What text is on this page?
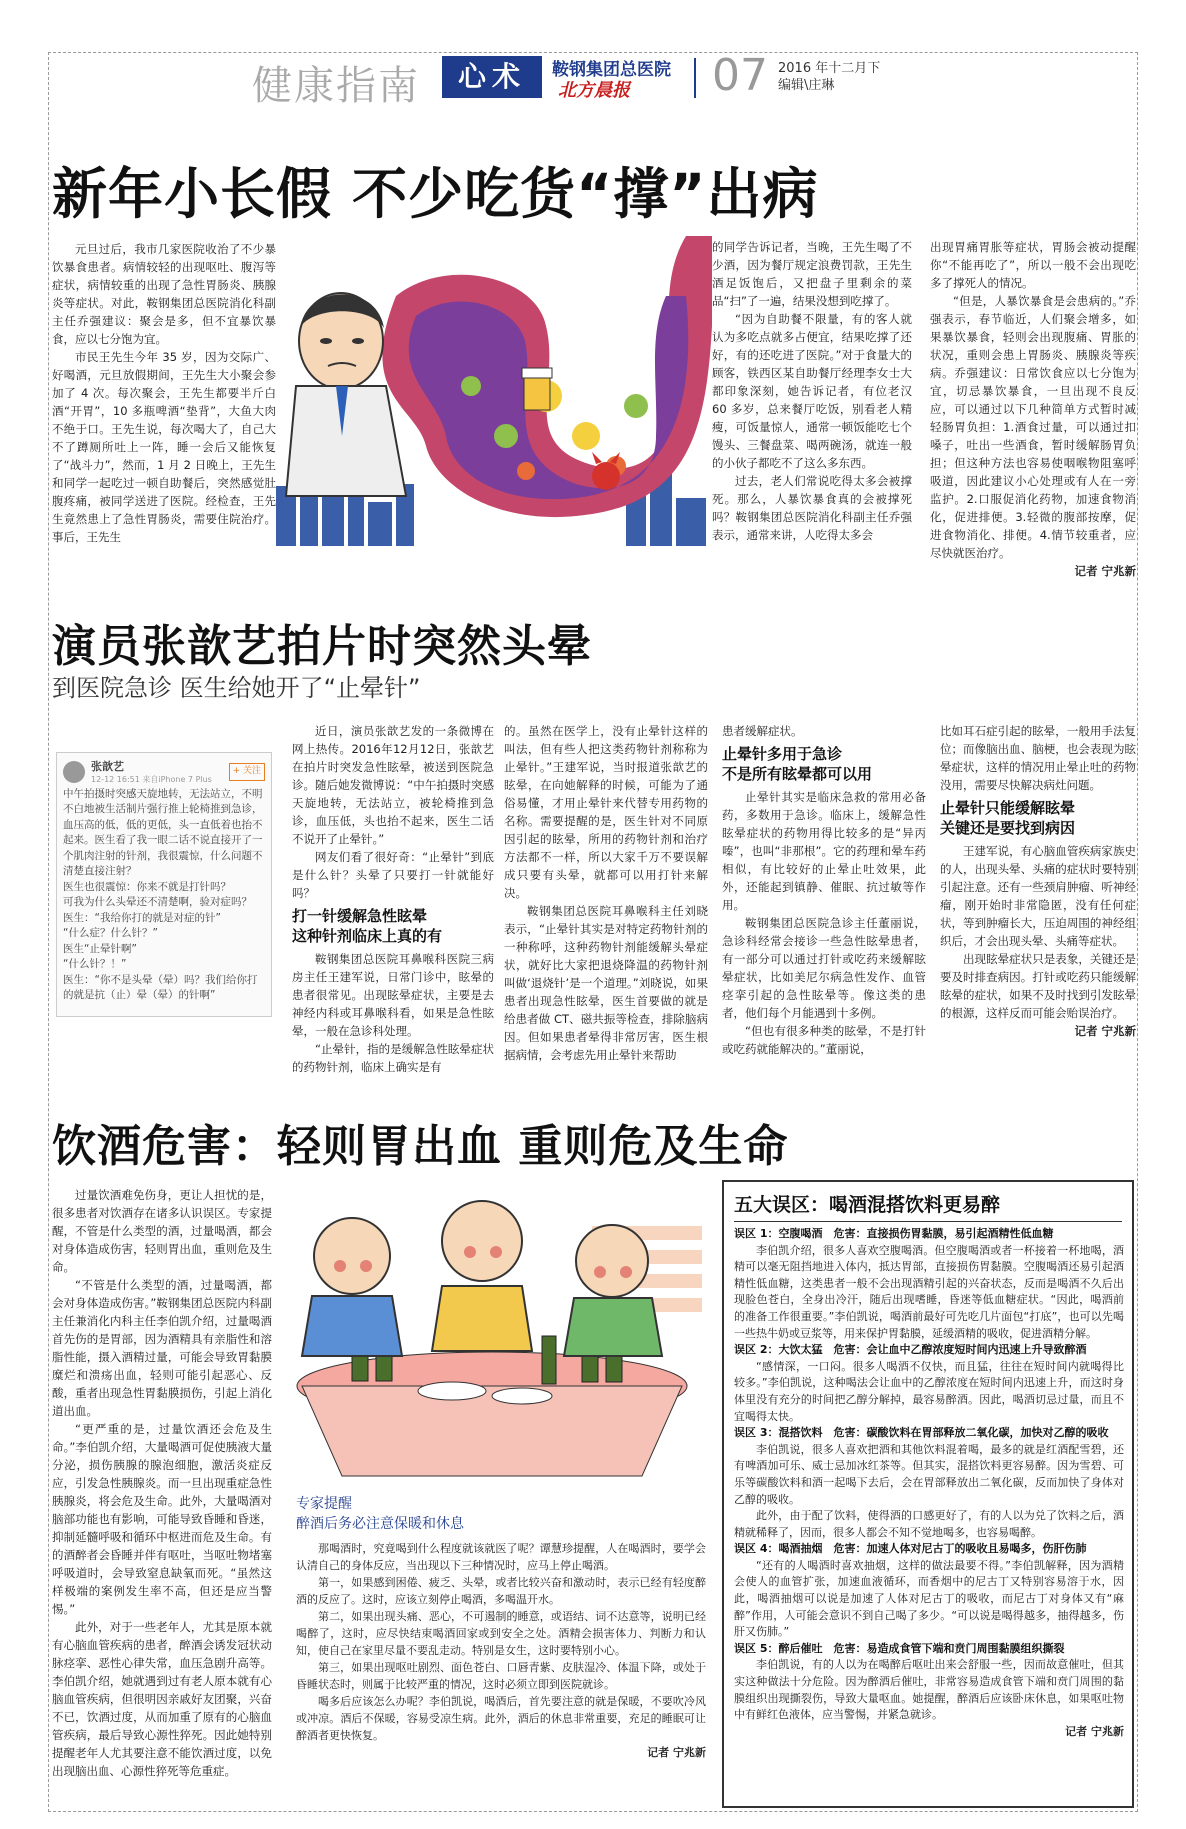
健康指南	心术	鞍钢集团总医院
北方晨报 07 2016 年十二月下
编辑\庄琳
新年小长假 不少吃货“撑”出病

元旦过后，我市几家医院收治了不少暴饮暴食患者。病情较轻的出现呕吐、腹泻等症状，病情较重的出现了急性胃肠炎、胰腺炎等症状。对此，鞍钢集团总医院消化科副主任乔强建议：聚会是多，但不宜暴饮暴食，应以七分饱为宜。

市民王先生今年 35 岁，因为交际广、好喝酒，元旦放假期间，王先生大小聚会参加了 4 次。每次聚会，王先生都要半斤白酒“开胃”，10 多瓶啤酒“垫背”，大鱼大肉不绝于口。王先生说，每次喝大了，自己大不了蹲厕所吐上一阵，睡一会后又能恢复了“战斗力”，然而，1 月 2 日晚上，王先生和同学一起吃过一顿自助餐后，突然感觉肚腹疼痛，被同学送进了医院。经检查，王先生竟然患上了急性胃肠炎，需要住院治疗。事后，王先生

的同学告诉记者，当晚，王先生喝了不少酒，因为餐厅规定浪费罚款，王先生酒足饭饱后，又把盘子里剩余的菜品“扫”了一遍，结果没想到吃撑了。

“因为自助餐不限量，有的客人就认为多吃点就多占便宜，结果吃撑了还好，有的还吃进了医院。”对于食量大的顾客，铁西区某自助餐厅经理李女士大都印象深刻，她告诉记者，有位老汉 60 多岁，总来餐厅吃饭，别看老人精瘦，可饭量惊人，通常一顿饭能吃七个馒头、三餐盘菜、喝两碗汤，就连一般的小伙子都吃不了这么多东西。

过去，老人们常说吃得太多会被撑死。那么，人暴饮暴食真的会被撑死吗？鞍钢集团总医院消化科副主任乔强表示，通常来讲，人吃得太多会

出现胃痛胃胀等症状，胃肠会被动提醒你“不能再吃了”，所以一般不会出现吃多了撑死人的情况。

“但是，人暴饮暴食是会患病的。”乔强表示，春节临近，人们聚会增多，如果暴饮暴食，轻则会出现腹痛、胃胀的状况，重则会患上胃肠炎、胰腺炎等疾病。乔强建议：日常饮食应以七分饱为宜，切忌暴饮暴食，一旦出现不良反应，可以通过以下几种简单方式暂时减轻肠胃负担：1.酒食过量，可以通过扣嗓子，吐出一些酒食，暂时缓解肠胃负担；但这种方法也容易使咽喉物阻塞呼吸道，因此建议小心处理或有人在一旁监护。2.口服促消化药物，加速食物消化，促进排便。3.轻微的腹部按摩，促进食物消化、排便。4.情节较重者，应尽快就医治疗。

记者 宁兆新

演员张歆艺拍片时突然头晕
到医院急诊 医生给她开了“止晕针”
张歆艺
12-12 16:51 来自iPhone 7 Plus
+ 关注
中午拍摄时突感天旋地转，无法站立，不明不白地被生活制片强行推上轮椅推到急诊，血压高的低，低的更低，头一直低着也抬不起来。医生看了我一眼二话不说直接开了一个肌肉注射的针剂，我很震惊，什么问题不清楚直接注射？
医生也很震惊：你来不就是打针吗？
可我为什么头晕还不清楚啊，验对症吗？
医生：“我给你打的就是对症的针”
“什么症？什么针？”
医生“止晕针啊”
“什么针？！”
医生：“你不是头晕（晕）吗？我们给你打的就是抗（止）晕（晕）的针啊”

近日，演员张歆艺发的一条微博在网上热传。2016年12月12日，张歆艺在拍片时突发急性眩晕，被送到医院急诊。随后她发微博说：“中午拍摄时突感天旋地转，无法站立，被轮椅推到急诊，血压低，头也抬不起来，医生二话不说开了止晕针。”

网友们看了很好奇：“止晕针”到底是什么针？头晕了只要打一针就能好吗？

打一针缓解急性眩晕
这种针剂临床上真的有

鞍钢集团总医院耳鼻喉科医院三病房主任王建军说，日常门诊中，眩晕的患者很常见。出现眩晕症状，主要是去神经内科或耳鼻喉科看，如果是急性眩晕，一般在急诊科处理。

“止晕针，指的是缓解急性眩晕症状的药物针剂，临床上确实是有

的。虽然在医学上，没有止晕针这样的叫法，但有些人把这类药物针剂称称为止晕针。”王建军说，当时报道张歆艺的眩晕，在向她解释的时候，可能为了通俗易懂，才用止晕针来代替专用药物的名称。需要提醒的是，医生针对不同原因引起的眩晕，所用的药物针剂和治疗方法都不一样，所以大家千万不要误解成只要有头晕，就都可以用打针来解决。

鞍钢集团总医院耳鼻喉科主任刘晓表示，“止晕针其实是对特定药物针剂的一种称呼，这种药物针剂能缓解头晕症状，就好比大家把退烧降温的药物针剂叫做‘退烧针’是一个道理。”刘晓说，如果患者出现急性眩晕，医生首要做的就是给患者做 CT、磁共振等检查，排除脑病因。但如果患者晕得非常厉害，医生根据病情，会考虑先用止晕针来帮助

患者缓解症状。

止晕针多用于急诊
不是所有眩晕都可以用

止晕针其实是临床急救的常用必备药，多数用于急诊。临床上，缓解急性眩晕症状的药物用得比较多的是“异丙嗪”，也叫“非那根”。它的药理和晕车药相似，有比较好的止晕止吐效果，此外，还能起到镇静、催眠、抗过敏等作用。

鞍钢集团总医院急诊主任董丽说，急诊科经常会接诊一些急性眩晕患者，有一部分可以通过打针或吃药来缓解眩晕症状，比如美尼尔病急性发作、血管痉挛引起的急性眩晕等。像这类的患者，他们每个月能遇到十多例。

“但也有很多种类的眩晕，不是打针或吃药就能解决的。”董丽说，

比如耳石症引起的眩晕，一般用手法复位；而像脑出血、脑梗，也会表现为眩晕症状，这样的情况用止晕止吐的药物没用，需要尽快解决病灶问题。

止晕针只能缓解眩晕
关键还是要找到病因

王建军说，有心脑血管疾病家族史的人，出现头晕、头痛的症状时要特别引起注意。还有一些颈肩肿瘤、听神经瘤，刚开始时非常隐匿，没有任何症状，等到肿瘤长大，压迫周围的神经组织后，才会出现头晕、头痛等症状。

出现眩晕症状只是表象，关键还是要及时排查病因。打针或吃药只能缓解眩晕的症状，如果不及时找到引发眩晕的根源，这样反而可能会贻误治疗。

记者 宁兆新

饮酒危害：轻则胃出血 重则危及生命

过量饮酒难免伤身，更让人担忧的是，很多患者对饮酒存在诸多认识误区。专家提醒，不管是什么类型的酒，过量喝酒，都会对身体造成伤害，轻则胃出血，重则危及生命。

“不管是什么类型的酒，过量喝酒，都会对身体造成伤害。”鞍钢集团总医院内科副主任兼消化内科主任李伯凯介绍，过量喝酒首先伤的是胃部，因为酒精具有亲脂性和溶脂性能，摄入酒精过量，可能会导致胃黏膜糜烂和溃疡出血，轻则可能引起恶心、反酸，重者出现急性胃黏膜损伤，引起上消化道出血。

“更严重的是，过量饮酒还会危及生命。”李伯凯介绍，大量喝酒可促使胰液大量分泌，损伤胰腺的腺泡细胞，激活炎症反应，引发急性胰腺炎。而一旦出现重症急性胰腺炎，将会危及生命。此外，大量喝酒对脑部功能也有影响，可能导致昏睡和昏迷，抑制延髓呼吸和循环中枢进而危及生命。有的酒醉者会昏睡并伴有呕吐，当呕吐物堵塞呼吸道时，会导致窒息缺氧而死。“虽然这样极端的案例发生率不高，但还是应当警惕。”

此外，对于一些老年人，尤其是原本就有心脑血管疾病的患者，醉酒会诱发冠状动脉痉挛、恶性心律失常，血压急剧升高等。李伯凯介绍，她就遇到过有老人原本就有心脑血管疾病，但很明因亲戚好友团聚，兴奋不已，饮酒过度，从而加重了原有的心脑血管疾病，最后导致心源性猝死。因此她特别提醒老年人尤其要注意不能饮酒过度，以免出现脑出血、心源性猝死等危重症。

专家提醒
醉酒后务必注意保暖和休息

那喝酒时，究竟喝到什么程度就该就医了呢？谭慧珍提醒，人在喝酒时，要学会认清自己的身体反应，当出现以下三种情况时，应马上停止喝酒。

第一，如果感到困倦、疲乏、头晕，或者比较兴奋和激动时，表示已经有轻度醉酒的反应了。这时，应该立刻停止喝酒，多喝温开水。

第二，如果出现头痛、恶心，不可遏制的睡意，或语结、词不达意等，说明已经喝醉了，这时，应尽快结束喝酒回家或到安全之处。酒精会损害体力、判断力和认知，使自己在家里尽量不要乱走动。特别是女生，这时要特别小心。

第三，如果出现呕吐剧烈、面色苍白、口唇青紫、皮肤湿冷、体温下降，或处于昏睡状态时，则属于比较严重的情况，这时必须立即到医院就诊。

喝多后应该怎么办呢？李伯凯说，喝酒后，首先要注意的就是保暖，不要吹冷风或冲凉。酒后不保暖，容易受凉生病。此外，酒后的休息非常重要，充足的睡眠可让醉酒者更快恢复。

记者 宁兆新

五大误区：喝酒混搭饮料更易醉
误区 1：空腹喝酒　危害：直接损伤胃黏膜，易引起酒精性低血糖

李伯凯介绍，很多人喜欢空腹喝酒。但空腹喝酒或者一杯接着一杯地喝，酒精可以毫无阻挡地进入体内，抵达胃部，直接损伤胃黏膜。空腹喝酒还易引起酒精性低血糖，这类患者一般不会出现酒精引起的兴奋状态，反而是喝酒不久后出现脸色苍白，全身出冷汗，随后出现嗜睡，昏迷等低血糖症状。“因此，喝酒前的准备工作很重要。”李伯凯说，喝酒前最好可先吃几片面包“打底”，也可以先喝一些热牛奶或豆浆等，用来保护胃黏膜，延缓酒精的吸收，促进酒精分解。

误区 2：大饮太猛　危害：会让血中乙醇浓度短时间内迅速上升导致醉酒

“感情深，一口闷。很多人喝酒不仅快，而且猛，往往在短时间内就喝得比较多。”李伯凯说，这种喝法会让血中的乙醇浓度在短时间内迅速上升，而这时身体里没有充分的时间把乙醇分解掉，最容易醉酒。因此，喝酒切忌过量，而且不宜喝得太快。

误区 3：混搭饮料　危害：碳酸饮料在胃部释放二氧化碳，加快对乙醇的吸收

李伯凯说，很多人喜欢把酒和其他饮料混着喝，最多的就是红酒配雪碧，还有啤酒加可乐、威士忌加冰红茶等。但其实，混搭饮料更容易醉。因为雪碧、可乐等碳酸饮料和酒一起喝下去后，会在胃部释放出二氧化碳，反而加快了身体对乙醇的吸收。

此外，由于配了饮料，使得酒的口感更好了，有的人以为兑了饮料之后，酒精就稀释了，因而，很多人都会不知不觉地喝多，也容易喝醉。

误区 4：喝酒抽烟　危害：加速人体对尼古丁的吸收且易喝多，伤肝伤肺

“还有的人喝酒时喜欢抽烟，这样的做法最要不得。”李伯凯解释，因为酒精会使人的血管扩张，加速血液循环，而香烟中的尼古丁又特别容易溶于水，因此，喝酒抽烟可以说是加速了人体对尼古丁的吸收，而尼古丁对身体又有“麻醉”作用，人可能会意识不到自己喝了多少。“可以说是喝得越多，抽得越多，伤肝又伤肺。”

误区 5：醉后催吐　危害：易造成食管下端和贲门周围黏膜组织撕裂

李伯凯说，有的人以为在喝醉后呕吐出来会舒服一些，因而故意催吐，但其实这种做法十分危险。因为醉酒后催吐，非常容易造成食管下端和贲门周围的黏膜组织出现撕裂伤，导致大量呕血。她提醒，醉酒后应该卧床休息，如果呕吐物中有鲜红色液体，应当警惕，并紧急就诊。

记者 宁兆新
